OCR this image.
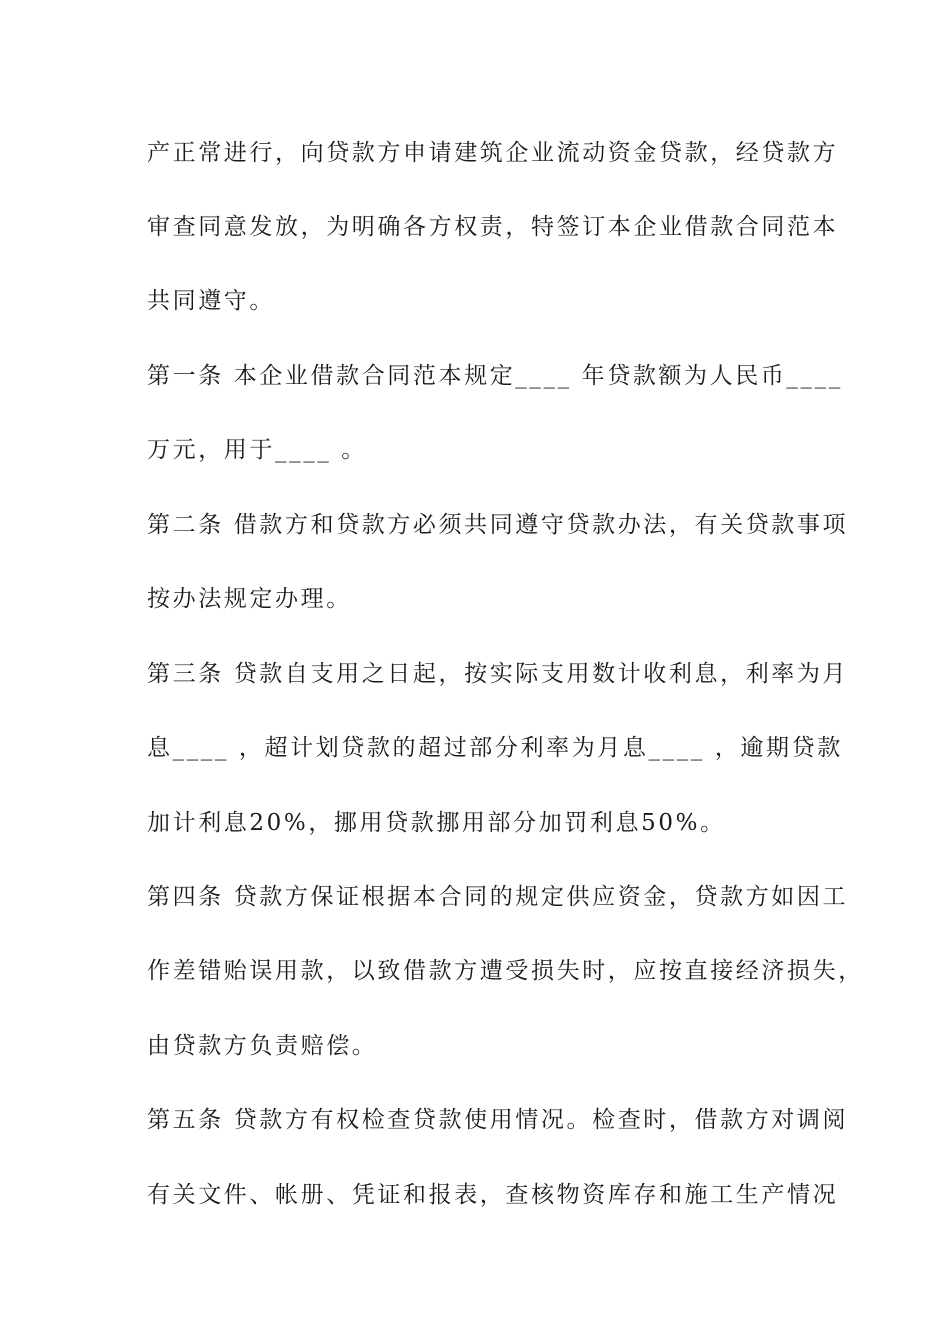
产正常进行，向贷款方申请建筑企业流动资金贷款，经贷款方
审查同意发放，为明确各方权责，特签订本企业借款合同范本
共同遵守。
第一条 本企业借款合同范本规定____ 年贷款额为人民币____
万元，用于____ 。
第二条 借款方和贷款方必须共同遵守贷款办法，有关贷款事项
按办法规定办理。
第三条 贷款自支用之日起，按实际支用数计收利息，利率为月
息____ ，超计划贷款的超过部分利率为月息____ ，逾期贷款
加计利息20%，挪用贷款挪用部分加罚利息50%。
第四条 贷款方保证根据本合同的规定供应资金，贷款方如因工
作差错贻误用款，以致借款方遭受损失时，应按直接经济损失，
由贷款方负责赔偿。
第五条 贷款方有权检查贷款使用情况。检查时，借款方对调阅
有关文件、帐册、凭证和报表，查核物资库存和施工生产情况
